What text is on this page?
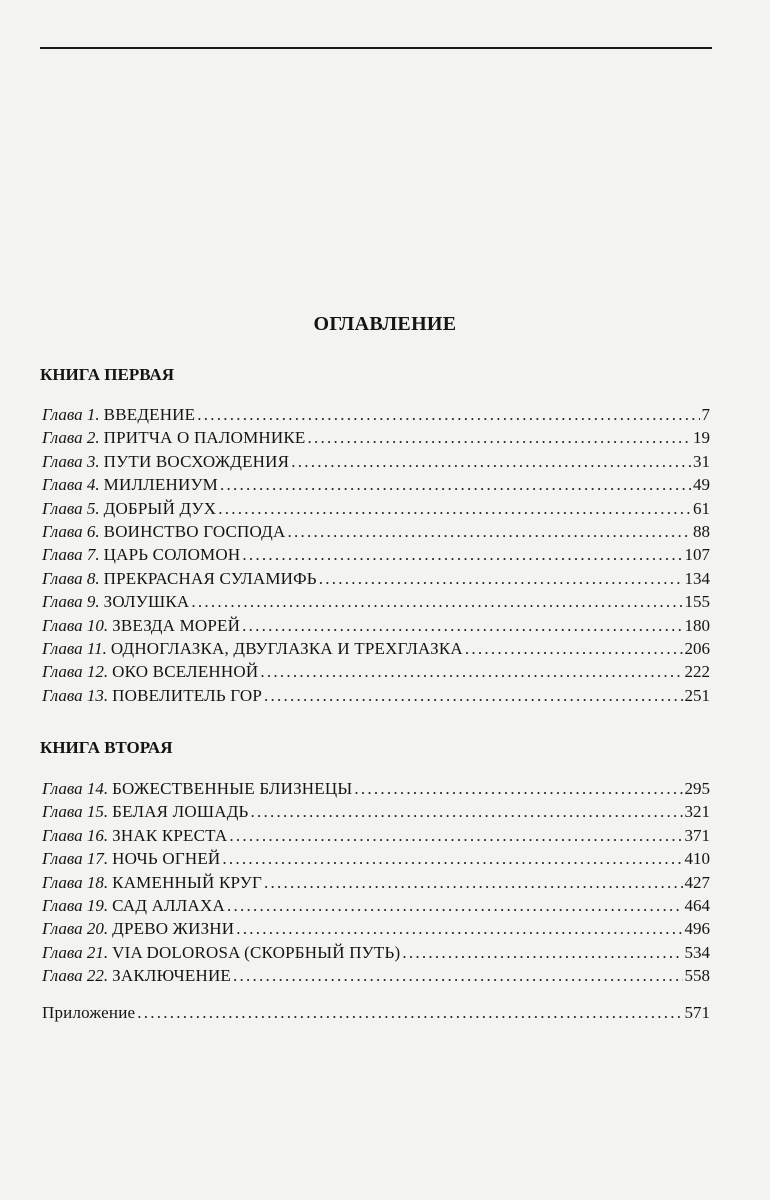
ОГЛАВЛЕНИЕ
КНИГА ПЕРВАЯ
Глава 1. ВВЕДЕНИЕ . . .	7
Глава 2. ПРИТЧА О ПАЛОМНИКЕ . . .	19
Глава 3. ПУТИ ВОСХОЖДЕНИЯ . . .	31
Глава 4. МИЛЛЕНИУМ . . .	49
Глава 5. ДОБРЫЙ ДУХ . . .	61
Глава 6. ВОИНСТВО ГОСПОДА . . .	88
Глава 7. ЦАРЬ СОЛОМОН . . .	107
Глава 8. ПРЕКРАСНАЯ СУЛАМИФЬ . . .	134
Глава 9. ЗОЛУШКА . . .	155
Глава 10. ЗВЕЗДА МОРЕЙ . . .	180
Глава 11. ОДНОГЛАЗКА, ДВУГЛАЗКА И ТРЕХГЛАЗКА . . .	206
Глава 12. ОКО ВСЕЛЕННОЙ . . .	222
Глава 13. ПОВЕЛИТЕЛЬ ГОР . . .	251
КНИГА ВТОРАЯ
Глава 14. БОЖЕСТВЕННЫЕ БЛИЗНЕЦЫ . . .	295
Глава 15. БЕЛАЯ ЛОШАДЬ . . .	321
Глава 16. ЗНАК КРЕСТА . . .	371
Глава 17. НОЧЬ ОГНЕЙ . . .	410
Глава 18. КАМЕННЫЙ КРУГ . . .	427
Глава 19. САД АЛЛАХА . . .	464
Глава 20. ДРЕВО ЖИЗНИ . . .	496
Глава 21. VIA DOLOROSA (СКОРБНЫЙ ПУТЬ) . . .	534
Глава 22. ЗАКЛЮЧЕНИЕ . . .	558
Приложение . . .	571
